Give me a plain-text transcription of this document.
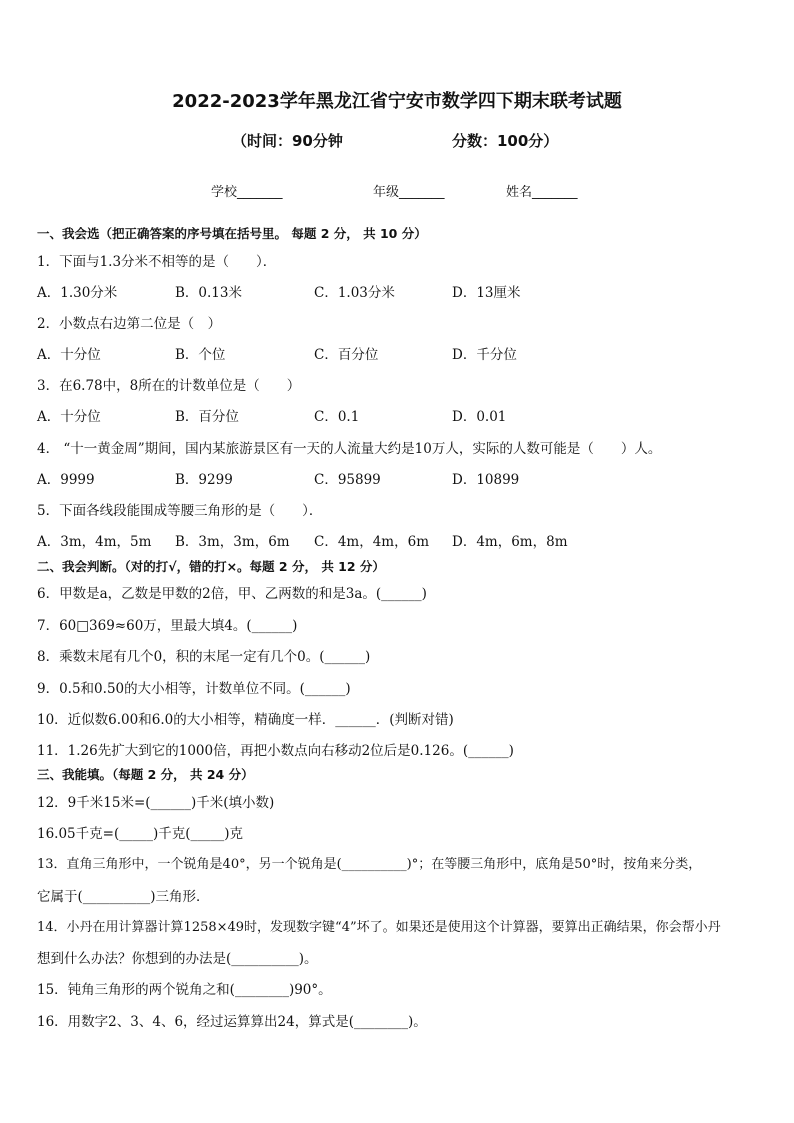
2022-2023学年黑龙江省宁安市数学四下期末联考试题
（时间：90分钟	分数：100分）
学校_______	年级_______	姓名_______
一、我会选（把正确答案的序号填在括号里。 每题 2 分， 共 10 分）
1．下面与1.3分米不相等的是（　　）．
A．1.30分米	B．0.13米	C．1.03分米	D．13厘米
2．小数点右边第二位是（　）
A．十分位	B．个位	C．百分位	D．千分位
3．在6.78中，8所在的计数单位是（　　）
A．十分位	B．百分位	C．0.1	D．0.01
4． “十一黄金周”期间，国内某旅游景区有一天的人流量大约是10万人，实际的人数可能是（　　）人。
A．9999	B．9299	C．95899	D．10899
5．下面各线段能围成等腰三角形的是（　　）．
A．3m，4m，5m B．3m，3m，6m C．4m，4m，6m D．4m，6m，8m
二、我会判断。（对的打√，错的打×。每题 2 分， 共 12 分）
6．甲数是a，乙数是甲数的2倍，甲、乙两数的和是3a。(______)
7．60□369≈60万，里最大填4。(______)
8．乘数末尾有几个0，积的末尾一定有几个0。(______)
9．0.5和0.50的大小相等，计数单位不同。(______)
10．近似数6.00和6.0的大小相等，精确度一样．______．(判断对错)
11．1.26先扩大到它的1000倍，再把小数点向右移动2位后是0.126。(______)
三、我能填。（每题 2 分， 共 24 分）
12．9千米15米=(______)千米(填小数)
16.05千克=(_____)千克(_____)克
13．直角三角形中，一个锐角是40°，另一个锐角是(__________)°；在等腰三角形中，底角是50°时，按角来分类，
它属于(__________)三角形．
14．小丹在用计算器计算1258×49时，发现数字键“4”坏了。如果还是使用这个计算器，要算出正确结果，你会帮小丹
想到什么办法？你想到的办法是(__________)。
15．钝角三角形的两个锐角之和(________)90°。
16．用数字2、3、4、6，经过运算算出24，算式是(________)。
